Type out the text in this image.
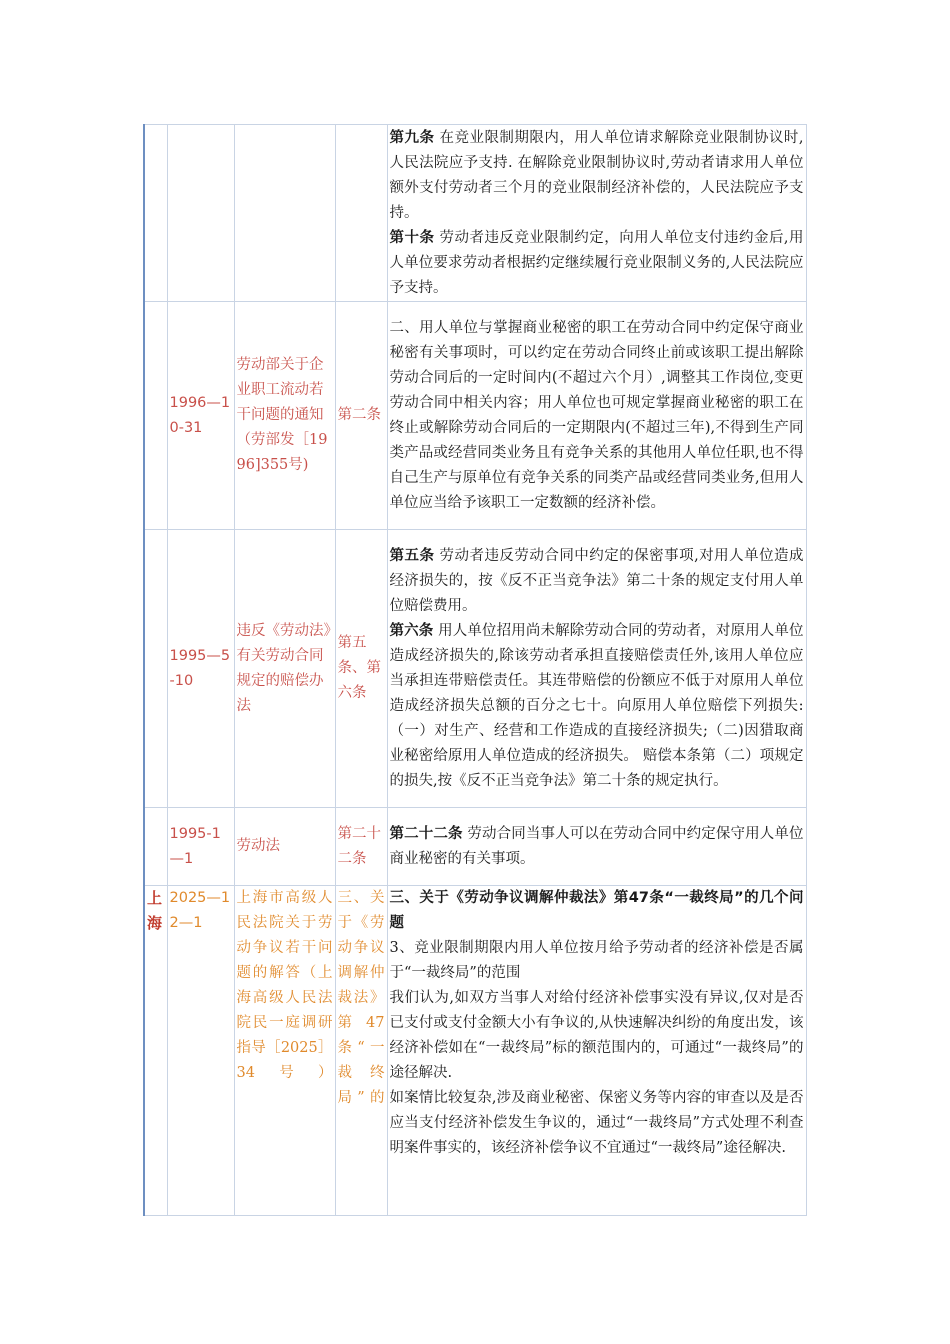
				第九条 在竞业限制期限内，用人单位请求解除竞业限制协议时,人民法院应予支持. 在解除竞业限制协议时,劳动者请求用人单位额外支付劳动者三个月的竞业限制经济补偿的，人民法院应予支持。

第十条 劳动者违反竞业限制约定，向用人单位支付违约金后,用人单位要求劳动者根据约定继续履行竞业限制义务的,人民法院应予支持。

	1996—10-31	劳动部关于企业职工流动若干问题的通知（劳部发［1996]355号)	第二条	二、用人单位与掌握商业秘密的职工在劳动合同中约定保守商业秘密有关事项时，可以约定在劳动合同终止前或该职工提出解除劳动合同后的一定时间内(不超过六个月）,调整其工作岗位,变更劳动合同中相关内容；用人单位也可规定掌握商业秘密的职工在终止或解除劳动合同后的一定期限内(不超过三年),不得到生产同类产品或经营同类业务且有竞争关系的其他用人单位任职,也不得自己生产与原单位有竞争关系的同类产品或经营同类业务,但用人单位应当给予该职工一定数额的经济补偿。

	1995—5-10	违反《劳动法》有关劳动合同规定的赔偿办法	第五条、第六条	第五条 劳动者违反劳动合同中约定的保密事项,对用人单位造成经济损失的，按《反不正当竞争法》第二十条的规定支付用人单位赔偿费用。

第六条 用人单位招用尚未解除劳动合同的劳动者，对原用人单位造成经济损失的,除该劳动者承担直接赔偿责任外,该用人单位应当承担连带赔偿责任。其连带赔偿的份额应不低于对原用人单位造成经济损失总额的百分之七十。向原用人单位赔偿下列损失:（一）对生产、经营和工作造成的直接经济损失;（二)因猎取商业秘密给原用人单位造成的经济损失。 赔偿本条第（二）项规定的损失,按《反不正当竞争法》第二十条的规定执行。

	1995-1—1	劳动法	第二十二条	第二十二条 劳动合同当事人可以在劳动合同中约定保守用人单位商业秘密的有关事项。

上海	2025—12—1	上海市高级人民法院关于劳动争议若干问题的解答（上海高级人民法院民一庭调研指导［2025］34号）	三、关于《劳动争议调解仲裁法》第47条“一裁终局”的	三、关于《劳动争议调解仲裁法》第47条“一裁终局”的几个问题

3、竞业限制期限内用人单位按月给予劳动者的经济补偿是否属于“一裁终局”的范围

我们认为,如双方当事人对给付经济补偿事实没有异议,仅对是否已支付或支付金额大小有争议的,从快速解决纠纷的角度出发，该经济补偿如在“一裁终局”标的额范围内的，可通过“一裁终局”的途径解决.

如案情比较复杂,涉及商业秘密、保密义务等内容的审查以及是否应当支付经济补偿发生争议的，通过“一裁终局”方式处理不利查明案件事实的，该经济补偿争议不宜通过“一裁终局”途径解决.
